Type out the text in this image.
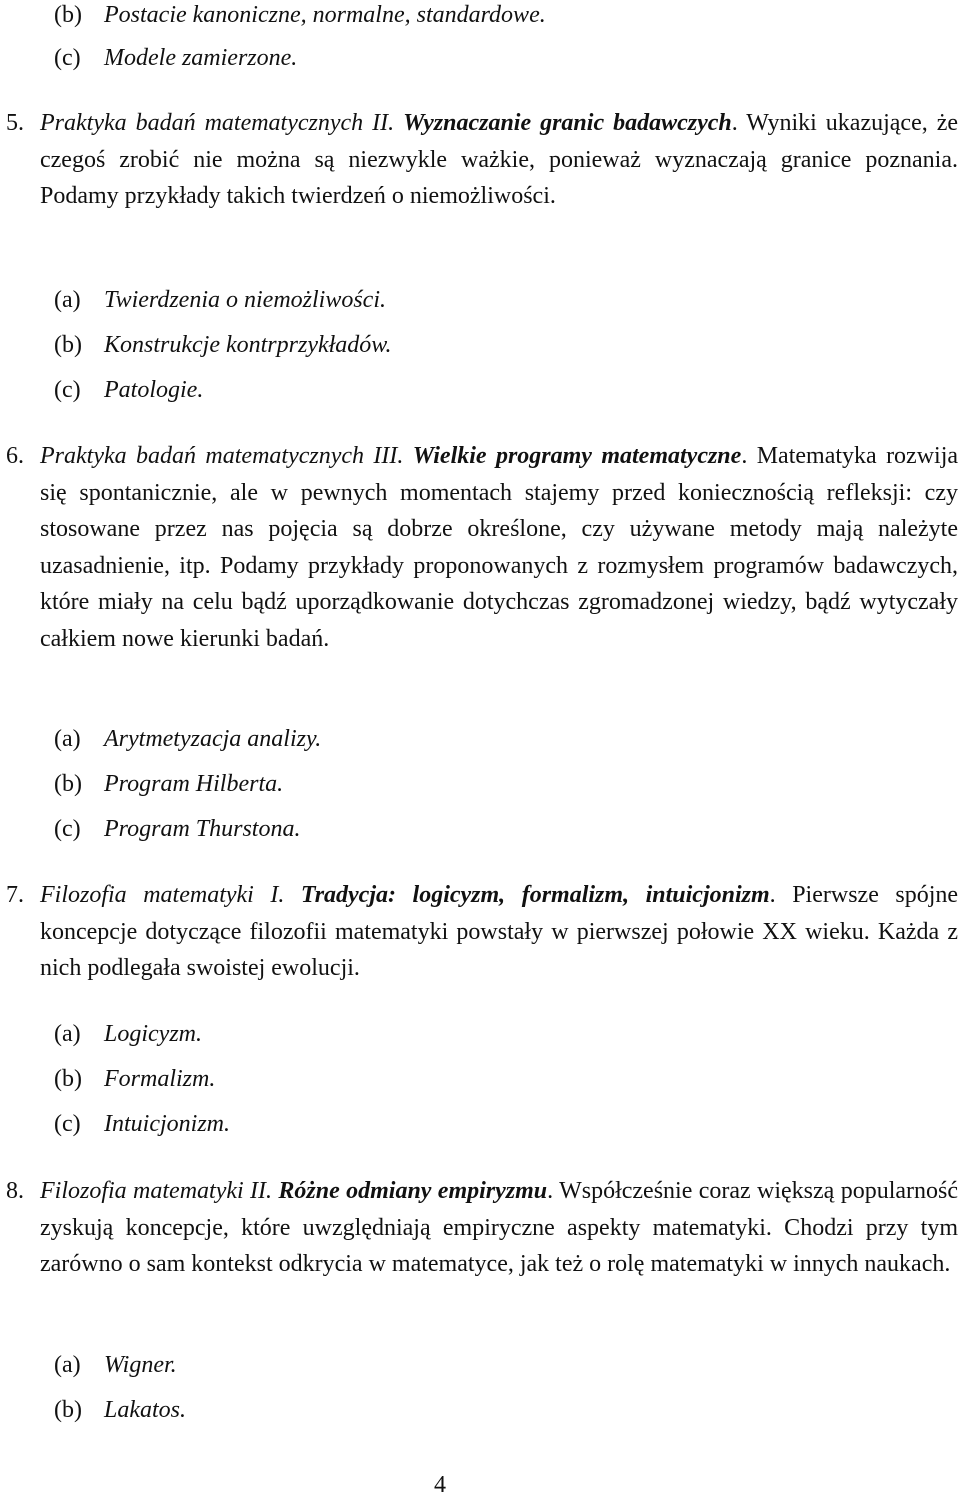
(b) Postacie kanoniczne, normalne, standardowe.
(c) Modele zamierzone.
5. Praktyka badań matematycznych II. Wyznaczanie granic badawczych. Wyniki ukazujące, że czegoś zrobić nie można są niezwykle ważkie, ponieważ wyznaczają granice poznania. Podamy przykłady takich twierdzeń o niemożliwości.
(a) Twierdzenia o niemożliwości.
(b) Konstrukcje kontrprzykładów.
(c) Patologie.
6. Praktyka badań matematycznych III. Wielkie programy matematyczne. Matematyka rozwija się spontanicznie, ale w pewnych momentach stajemy przed koniecznością refleksji: czy stosowane przez nas pojęcia są dobrze określone, czy używane metody mają należyte uzasadnienie, itp. Podamy przykłady proponowanych z rozmysłem programów badawczych, które miały na celu bądź uporządkowanie dotychczas zgromadzonej wiedzy, bądź wytyczały całkiem nowe kierunki badań.
(a) Arytmetyzacja analizy.
(b) Program Hilberta.
(c) Program Thurstona.
7. Filozofia matematyki I. Tradycja: logicyzm, formalizm, intuicjonizm. Pierwsze spójne koncepcje dotyczące filozofii matematyki powstały w pierwszej połowie XX wieku. Każda z nich podlegała swoistej ewolucji.
(a) Logicyzm.
(b) Formalizm.
(c) Intuicjonizm.
8. Filozofia matematyki II. Różne odmiany empiryzmu. Współcześnie coraz większą popularność zyskują koncepcje, które uwzględniają empiryczne aspekty matematyki. Chodzi przy tym zarówno o sam kontekst odkrycia w matematyce, jak też o rolę matematyki w innych naukach.
(a) Wigner.
(b) Lakatos.
4
